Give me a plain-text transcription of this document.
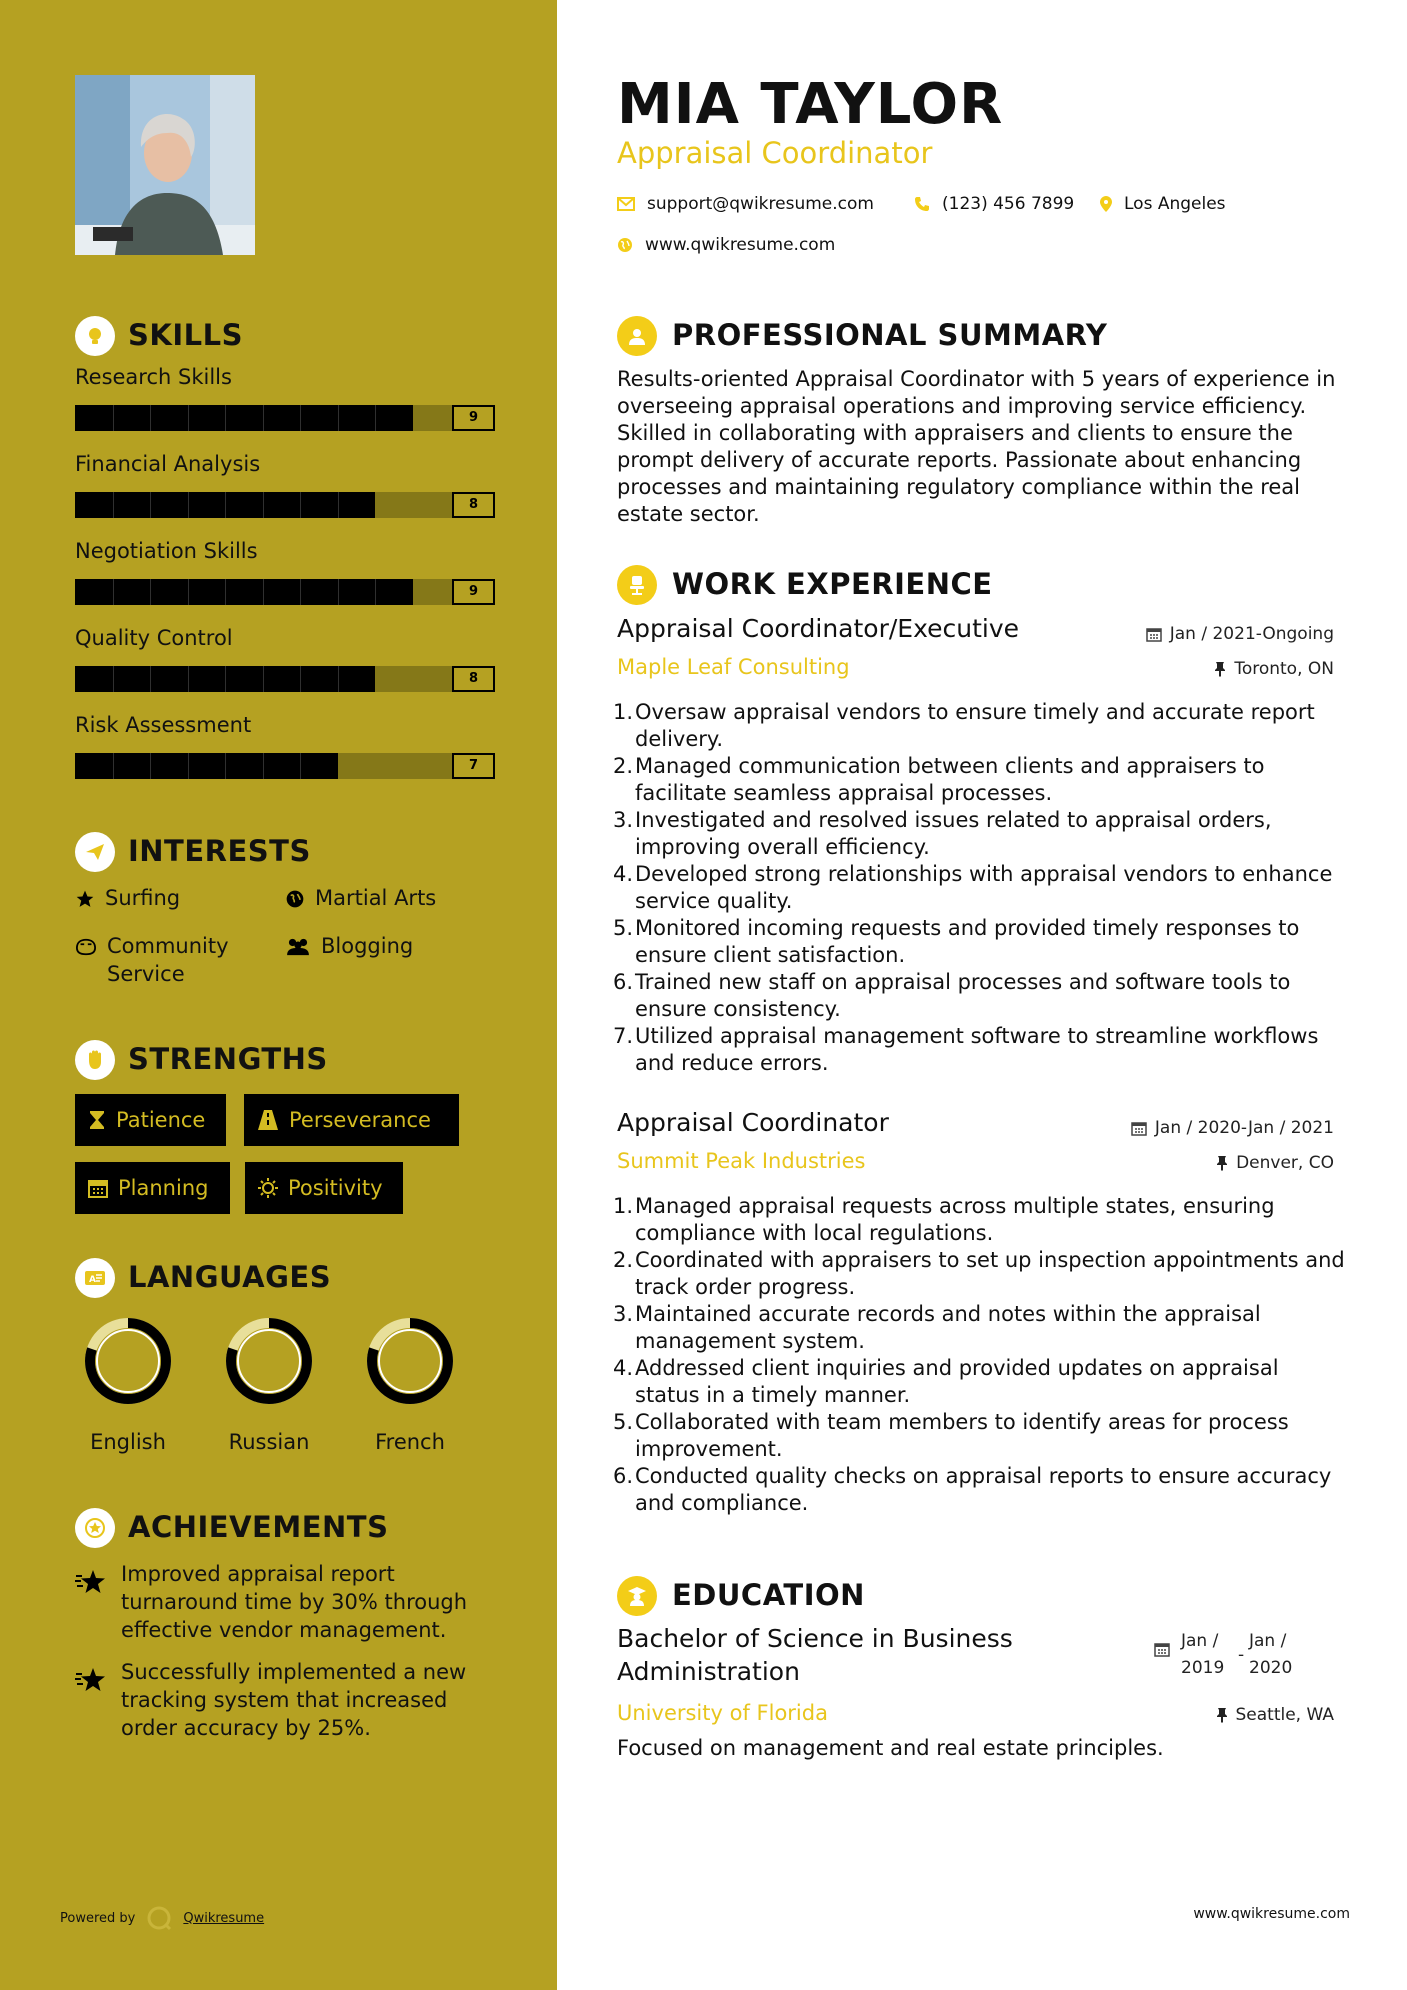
SKILLS
Research Skills
9
Financial Analysis
8
Negotiation Skills
9
Quality Control
8
Risk Assessment
7
INTERESTS
Surfing	Martial Arts
Community Service
Blogging
STRENGTHS
Patience	Perseverance
Planning	Positivity
A LANGUAGES
English	Russian	French
ACHIEVEMENTS
Improved appraisal report turnaround time by 30% through effective vendor management.
Successfully implemented a new tracking system that increased order accuracy by 25%.
Powered by	Qwikresume
MIA TAYLOR
Appraisal Coordinator
support@qwikresume.com	(123) 456 7899	Los Angeles
www.qwikresume.com
PROFESSIONAL SUMMARY
Results-oriented Appraisal Coordinator with 5 years of experience in overseeing appraisal operations and improving service efficiency. Skilled in collaborating with appraisers and clients to ensure the prompt delivery of accurate reports. Passionate about enhancing processes and maintaining regulatory compliance within the real estate sector.
WORK EXPERIENCE
Appraisal Coordinator/Executive	Jan / 2021-Ongoing
Maple Leaf Consulting	Toronto, ON
1. Oversaw appraisal vendors to ensure timely and accurate report delivery.
2. Managed communication between clients and appraisers to facilitate seamless appraisal processes.
3. Investigated and resolved issues related to appraisal orders, improving overall efficiency.
4. Developed strong relationships with appraisal vendors to enhance service quality.
5. Monitored incoming requests and provided timely responses to ensure client satisfaction.
6. Trained new staff on appraisal processes and software tools to ensure consistency.
7. Utilized appraisal management software to streamline workflows and reduce errors.
Appraisal Coordinator	Jan / 2020-Jan / 2021
Summit Peak Industries	Denver, CO
1. Managed appraisal requests across multiple states, ensuring compliance with local regulations.
2. Coordinated with appraisers to set up inspection appointments and track order progress.
3. Maintained accurate records and notes within the appraisal management system.
4. Addressed client inquiries and provided updates on appraisal status in a timely manner.
5. Collaborated with team members to identify areas for process improvement.
6. Conducted quality checks on appraisal reports to ensure accuracy and compliance.
EDUCATION
Bachelor of Science in Business Administration
Jan / 2019
-
Jan / 2020
University of Florida	Seattle, WA
Focused on management and real estate principles.
www.qwikresume.com
